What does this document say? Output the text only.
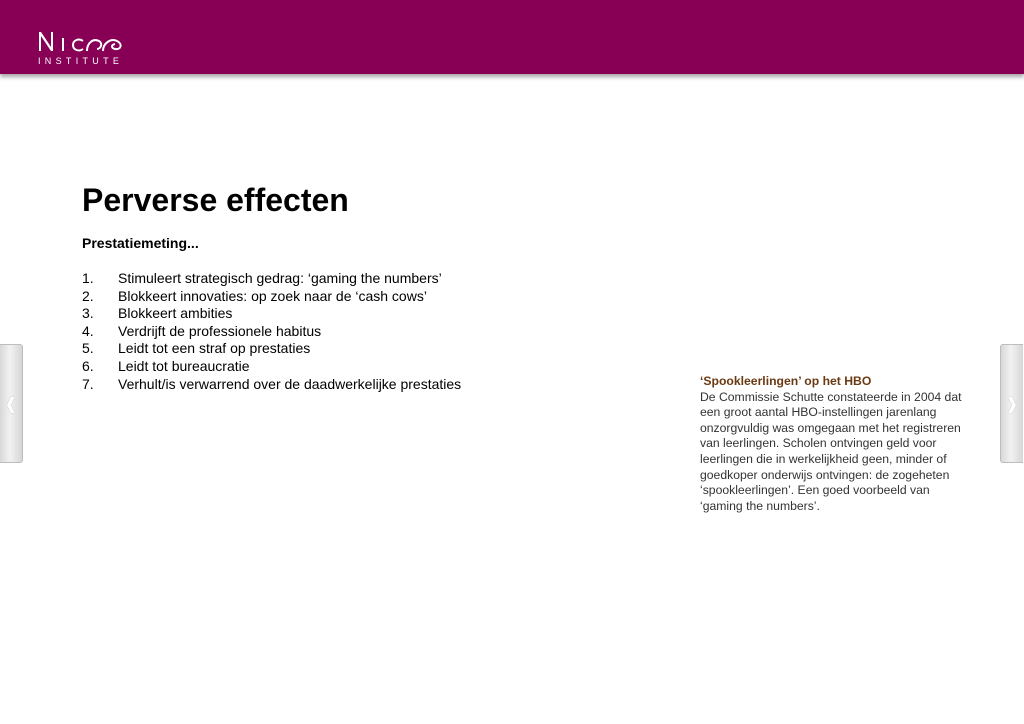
INSTITUTE
Perverse effecten
Prestatiemeting...
1.	Stimuleert strategisch gedrag: ‘gaming the numbers’
2.	Blokkeert innovaties: op zoek naar de ‘cash cows’
3.	Blokkeert ambities
4.	Verdrijft de professionele habitus
5.	Leidt tot een straf op prestaties
6.	Leidt tot bureaucratie
7.	Verhult/is verwarrend over de daadwerkelijke prestaties	‘Spookleerlingen’ op het HBO
De Commissie Schutte constateerde in 2004 dat een groot aantal HBO-instellingen jarenlang onzorgvuldig was omgegaan met het registreren van leerlingen. Scholen ontvingen geld voor leerlingen die in werkelijkheid geen, minder of goedkoper onderwijs ontvingen: de zogeheten ‘spookleerlingen’. Een goed voorbeeld van ‘gaming the numbers’.
❰	❱
